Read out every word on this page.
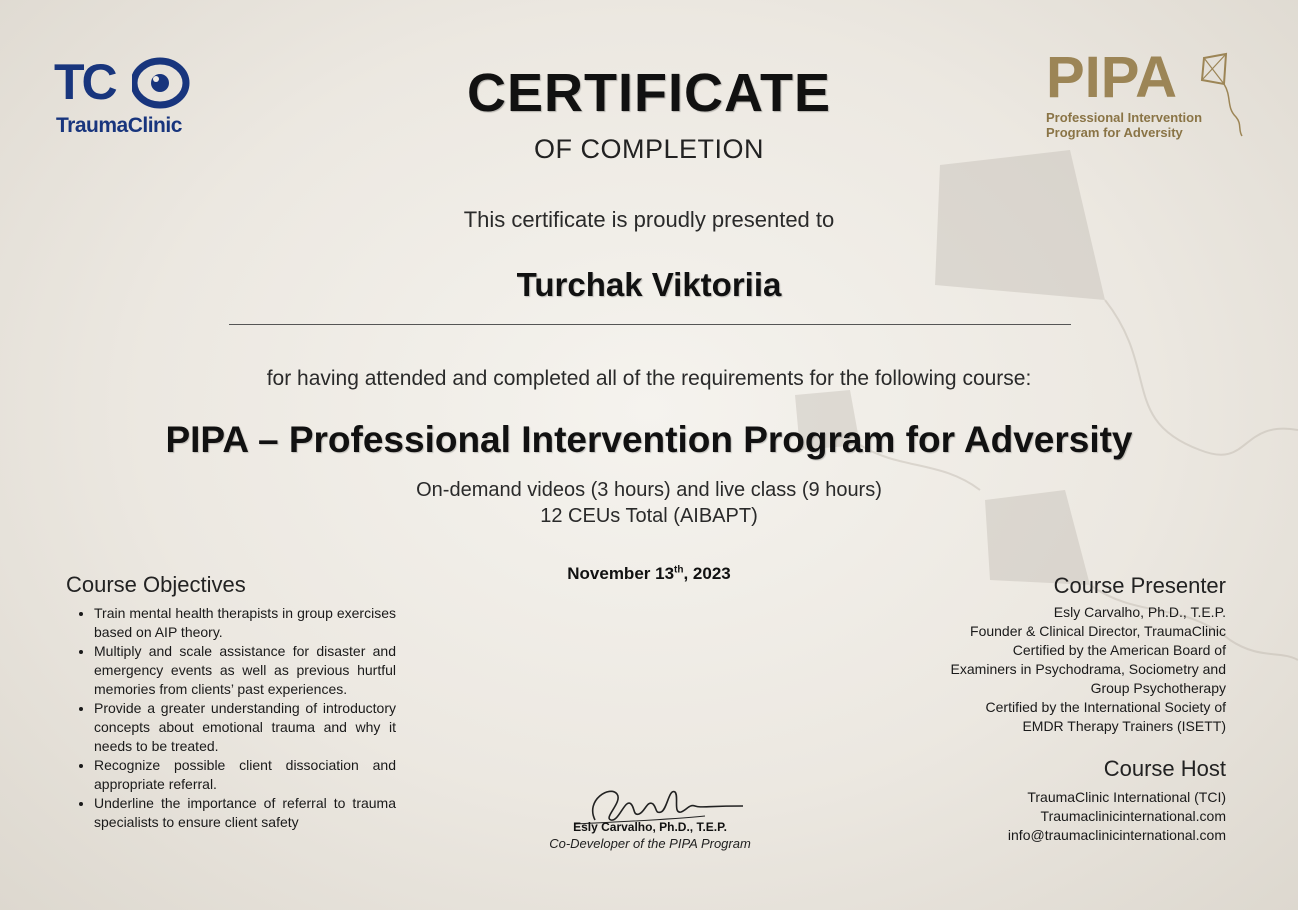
TC
TraumaClinic
PIPA
Professional Intervention
Program for Adversity
CERTIFICATE
OF COMPLETION
This certificate is proudly presented to
Turchak Viktoriia
for having attended and completed all of the requirements for the following course:
PIPA – Professional Intervention Program for Adversity
On-demand videos (3 hours) and live class (9 hours)
12 CEUs Total (AIBAPT)
November 13th, 2023
Course Objectives
• Train mental health therapists in group exercises based on AIP theory.
• Multiply and scale assistance for disaster and emergency events as well as previous hurtful memories from clients’ past experiences.
• Provide a greater understanding of introductory concepts about emotional trauma and why it needs to be treated.
• Recognize possible client dissociation and appropriate referral.
• Underline the importance of referral to trauma specialists to ensure client safety
Course Presenter
Esly Carvalho, Ph.D., T.E.P.
Founder & Clinical Director, TraumaClinic
Certified by the American Board of
Examiners in Psychodrama, Sociometry and
Group Psychotherapy
Certified by the International Society of
EMDR Therapy Trainers (ISETT)
Course Host
TraumaClinic International (TCI)
Traumaclinicinternational.com
info@traumaclinicinternational.com
Esly Carvalho, Ph.D., T.E.P.
Co-Developer of the PIPA Program
